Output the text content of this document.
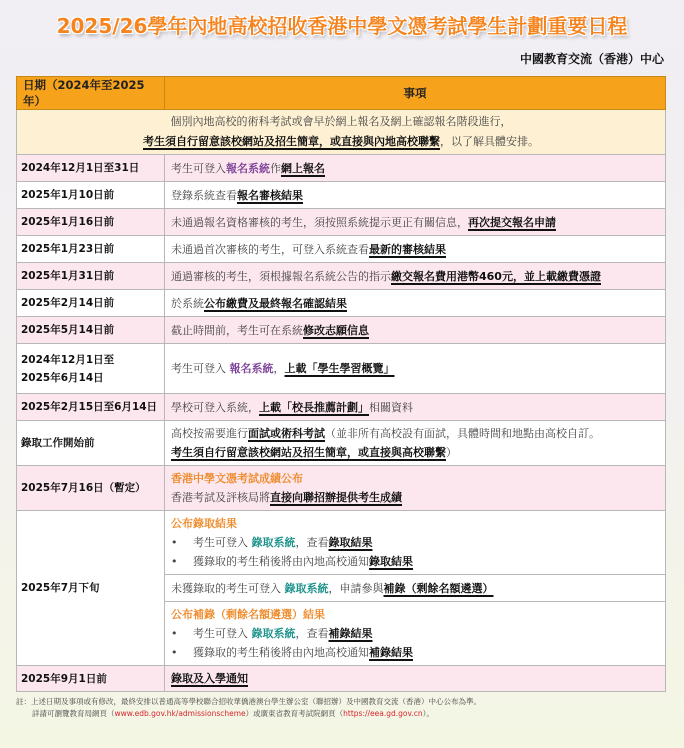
2025/26學年內地高校招收香港中學文憑考試學生計劃重要日程
中國教育交流（香港）中心
日期（2024年至2025年）	事項

個別內地高校的術科考試或會早於網上報名及網上確認報名階段進行，
考生須自行留意該校網站及招生簡章，或直接與內地高校聯繫，以了解具體安排。	

2024年12月1日至31日	考生可登入報名系統作網上報名

2025年1月10日前	登錄系統查看報名審核結果

2025年1月16日前	未通過報名資格審核的考生，須按照系統提示更正有關信息，再次提交報名申請

2025年1月23日前	未通過首次審核的考生，可登入系統查看最新的審核結果

2025年1月31日前	通過審核的考生，須根據報名系統公告的指示繳交報名費用港幣460元，並上載繳費憑證

2025年2月14日前	於系統公布繳費及最終報名確認結果

2025年5月14日前	截止時間前，考生可在系統修改志願信息

2024年12月1日至
2025年6月14日	考生可登入 報名系統，上載「學生學習概覽」

2025年2月15日至6月14日	學校可登入系統，上載「校長推薦計劃」相關資料

錄取工作開始前	高校按需要進行面試或術科考試（並非所有高校設有面試，具體時間和地點由高校自訂。
考生須自行留意該校網站及招生簡章，或直接與高校聯繫）

2025年7月16日（暫定）	香港中學文憑考試成績公布
香港考試及評核局將直接向聯招辦提供考生成績

2025年7月下旬	公布錄取結果
• 考生可登入 錄取系統，查看錄取結果
• 獲錄取的考生稍後將由內地高校通知錄取結果

	未獲錄取的考生可登入 錄取系統，申請參與補錄（剩餘名額遴選）

	公布補錄（剩餘名額遴選）結果
• 考生可登入 錄取系統，查看補錄結果
• 獲錄取的考生稍後將由內地高校通知補錄結果

2025年9月1日前	錄取及入學通知
註：上述日期及事項或有修改，最終安排以普通高等學校聯合招收華僑港澳台學生辦公室（聯招辦）及中國教育交流（香港）中心公布為準。
詳請可瀏覽教育局網頁（www.edb.gov.hk/admissionscheme）或廣東省教育考試院網頁（https://eea.gd.gov.cn）。
